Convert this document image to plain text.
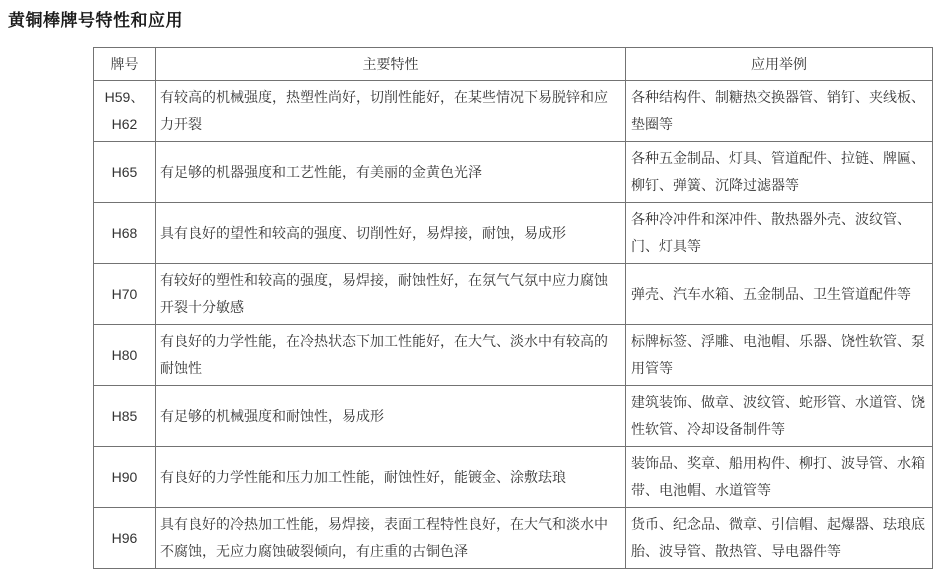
黄铜棒牌号特性和应用
牌号	主要特性	应用举例
H59、H62	有较高的机械强度，热塑性尚好，切削性能好，在某些情况下易脱锌和应力开裂	各种结构件、制糖热交换器管、销钉、夹线板、垫圈等
H65	有足够的机器强度和工艺性能，有美丽的金黄色光泽	各种五金制品、灯具、管道配件、拉链、牌匾、柳钉、弹簧、沉降过滤器等
H68	具有良好的望性和较高的强度、切削性好，易焊接，耐蚀，易成形	各种冷冲件和深冲件、散热器外壳、波纹管、门、灯具等
H70	有较好的塑性和较高的强度，易焊接，耐蚀性好，在氛气气氛中应力腐蚀开裂十分敏感	弹壳、汽车水箱、五金制品、卫生管道配件等
H80	有良好的力学性能，在冷热状态下加工性能好，在大气、淡水中有较高的耐蚀性	标牌标签、浮雕、电池帽、乐器、饶性软管、泵用管等
H85	有足够的机械强度和耐蚀性，易成形	建筑装饰、做章、波纹管、蛇形管、水道管、饶性软管、冷却设备制件等
H90	有良好的力学性能和压力加工性能，耐蚀性好，能镀金、涂敷珐琅	装饰品、奖章、船用构件、柳打、波导管、水箱带、电池帽、水道管等
H96	具有良好的冷热加工性能，易焊接，表面工程特性良好，在大气和淡水中不腐蚀，无应力腐蚀破裂倾向，有庄重的古铜色泽	货币、纪念品、微章、引信帽、起爆器、珐琅底胎、波导管、散热管、导电器件等
